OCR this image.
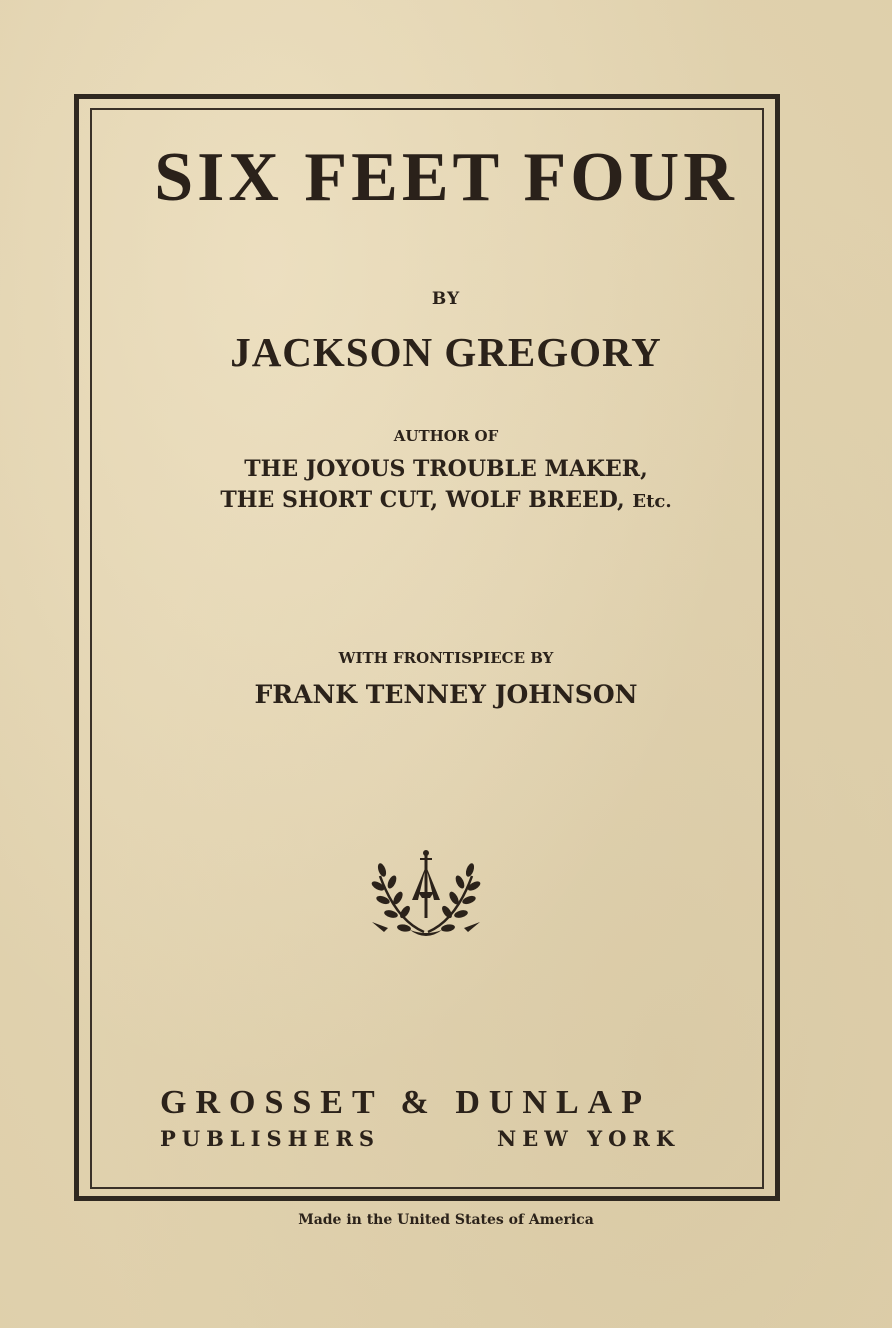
SIX FEET FOUR

BY

JACKSON GREGORY

AUTHOR OF

THE JOYOUS TROUBLE MAKER,

THE SHORT CUT, WOLF BREED, Etc.

WITH FRONTISPIECE BY

FRANK TENNEY JOHNSON

GROSSET & DUNLAP

PUBLISHERS	NEW YORK

Made in the United States of America
